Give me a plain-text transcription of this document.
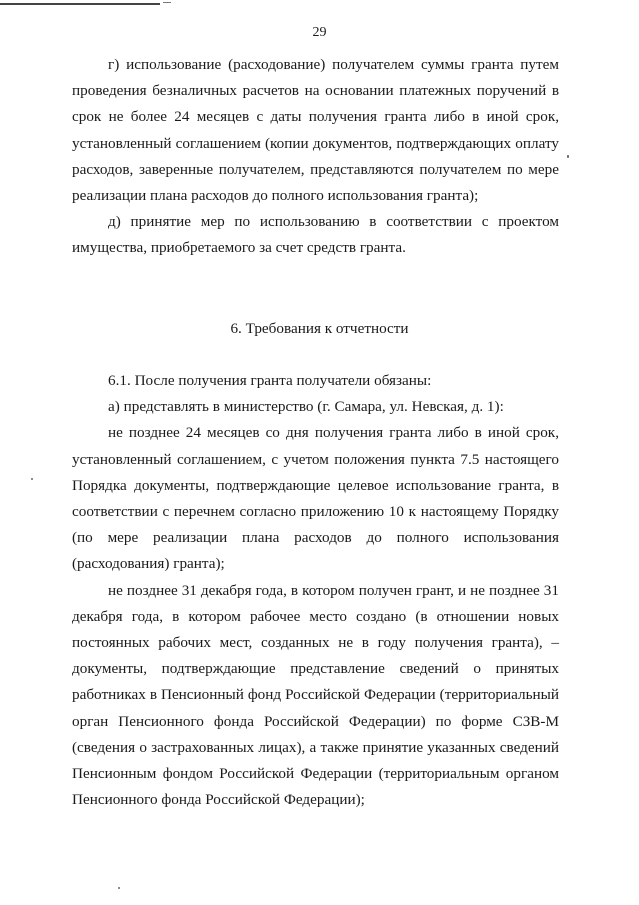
29

г) использование (расходование) получателем суммы гранта путем проведения безналичных расчетов на основании платежных поручений в срок не более 24 месяцев с даты получения гранта либо в иной срок, установленный соглашением (копии документов, подтверждающих оплату расходов, заверенные получателем, представляются получателем по мере реализации плана расходов до полного использования гранта);

д) принятие мер по использованию в соответствии с проектом имущества, приобретаемого за счет средств гранта.

6. Требования к отчетности

6.1. После получения гранта получатели обязаны:

а) представлять в министерство (г. Самара, ул. Невская, д. 1):

не позднее 24 месяцев со дня получения гранта либо в иной срок, установленный соглашением, с учетом положения пункта 7.5 настоящего Порядка документы, подтверждающие целевое использование гранта, в соответствии с перечнем согласно приложению 10 к настоящему Порядку (по мере реализации плана расходов до полного использования (расходования) гранта);

не позднее 31 декабря года, в котором получен грант, и не позднее 31 декабря года, в котором рабочее место создано (в отношении новых постоянных рабочих мест, созданных не в году получения гранта), – документы, подтверждающие представление сведений о принятых работниках в Пенсионный фонд Российской Федерации (территориальный орган Пенсионного фонда Российской Федерации) по форме СЗВ-М (сведения о застрахованных лицах), а также принятие указанных сведений Пенсионным фондом Российской Федерации (территориальным органом Пенсионного фонда Российской Федерации);
